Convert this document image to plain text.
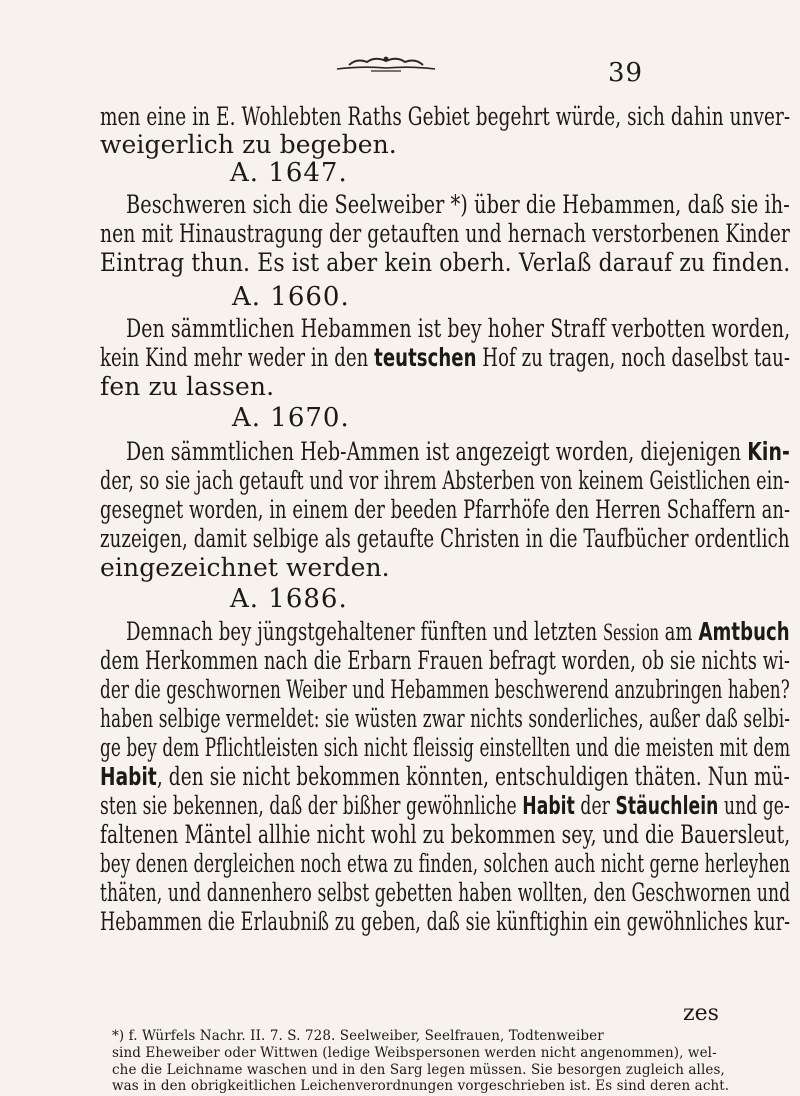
39
men eine in E. Wohlebten Raths Gebiet begehrt würde, sich dahin unver-
weigerlich zu begeben.
A. 1647.
Beschweren sich die Seelweiber *) über die Hebammen, daß sie ih-
nen mit Hinaustragung der getauften und hernach verstorbenen Kinder
Eintrag thun. Es ist aber kein oberh. Verlaß darauf zu finden.
A. 1660.
Den sämmtlichen Hebammen ist bey hoher Straff verbotten worden,
kein Kind mehr weder in den teutschen Hof zu tragen, noch daselbst tau-
fen zu lassen.
A. 1670.
Den sämmtlichen Heb-Ammen ist angezeigt worden, diejenigen Kin-
der, so sie jach getauft und vor ihrem Absterben von keinem Geistlichen ein-
gesegnet worden, in einem der beeden Pfarrhöfe den Herren Schaffern an-
zuzeigen, damit selbige als getaufte Christen in die Taufbücher ordentlich
eingezeichnet werden.
A. 1686.
Demnach bey jüngstgehaltener fünften und letzten Session am Amtbuch
dem Herkommen nach die Erbarn Frauen befragt worden, ob sie nichts wi-
der die geschwornen Weiber und Hebammen beschwerend anzubringen haben?
haben selbige vermeldet: sie wüsten zwar nichts sonderliches, außer daß selbi-
ge bey dem Pflichtleisten sich nicht fleissig einstellten und die meisten mit dem
Habit, den sie nicht bekommen könnten, entschuldigen thäten. Nun mü-
sten sie bekennen, daß der bißher gewöhnliche Habit der Stäuchlein und ge-
faltenen Mäntel allhie nicht wohl zu bekommen sey, und die Bauersleut,
bey denen dergleichen noch etwa zu finden, solchen auch nicht gerne herleyhen
thäten, und dannenhero selbst gebetten haben wollten, den Geschwornen und
Hebammen die Erlaubniß zu geben, daß sie künftighin ein gewöhnliches kur-
zes
*) f. Würfels Nachr. II. 7. S. 728. Seelweiber, Seelfrauen, Todtenweiber
sind Eheweiber oder Wittwen (ledige Weibspersonen werden nicht angenommen), wel-
che die Leichname waschen und in den Sarg legen müssen. Sie besorgen zugleich alles,
was in den obrigkeitlichen Leichenverordnungen vorgeschrieben ist. Es sind deren acht.
